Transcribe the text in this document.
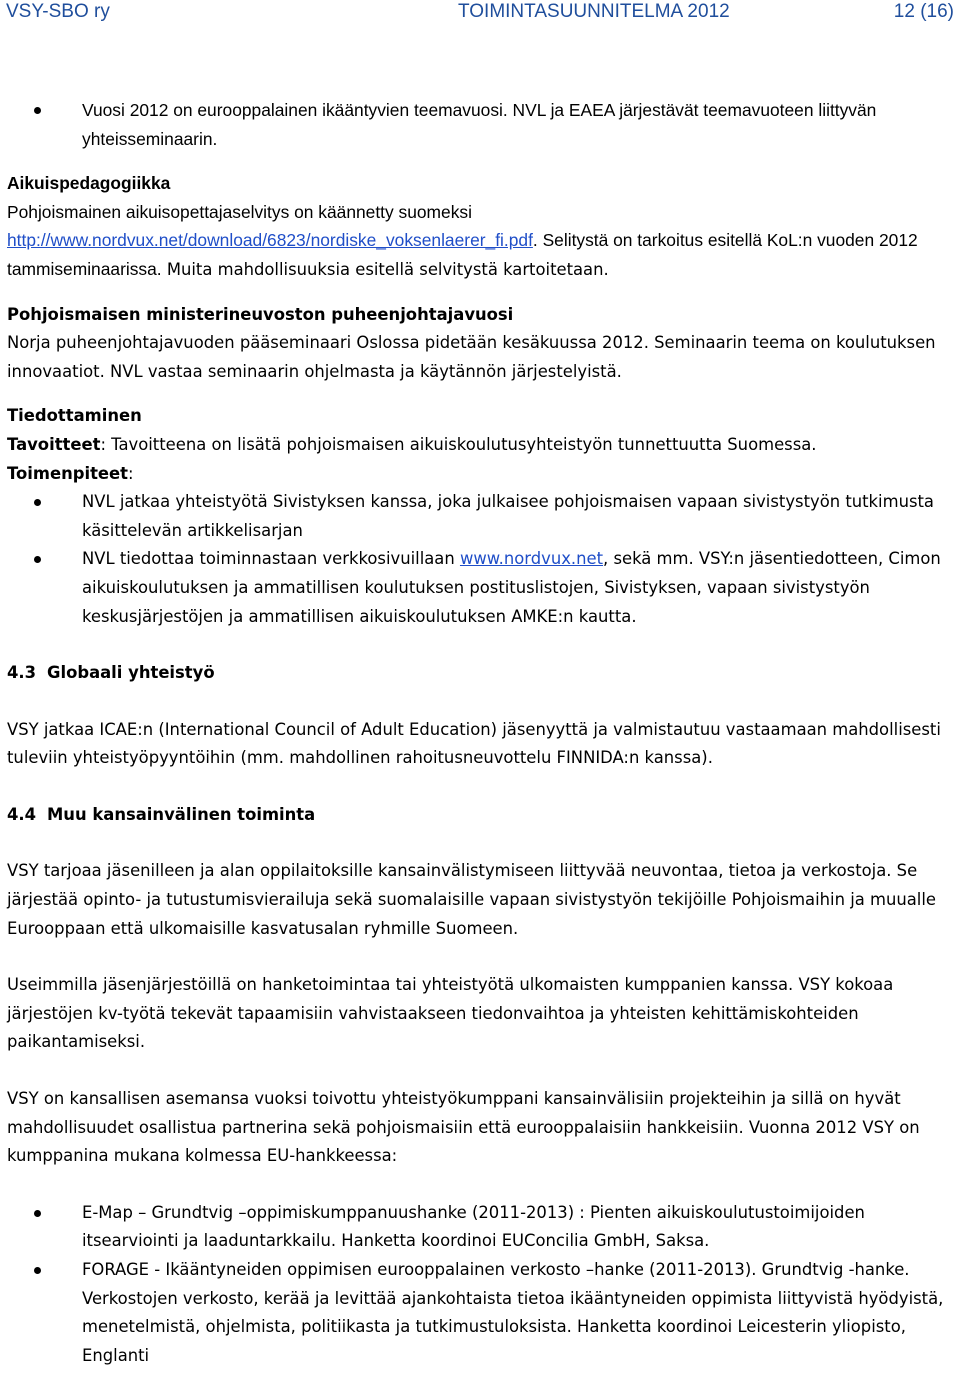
VSY-SBO ry	TOIMINTASUUNNITELMA 2012	12 (16)
Vuosi 2012 on eurooppalainen ikääntyvien teemavuosi. NVL ja EAEA järjestävät teemavuoteen liittyvän yhteisseminaarin.

Aikuispedagogiikka

Pohjoismainen aikuisopettajaselvitys on käännetty suomeksi
http://www.nordvux.net/download/6823/nordiske_voksenlaerer_fi.pdf. Selitystä on tarkoitus esitellä KoL:n vuoden 2012 tammiseminaarissa. Muita mahdollisuuksia esitellä selvitystä kartoitetaan.

Pohjoismaisen ministerineuvoston puheenjohtajavuosi

Norja puheenjohtajavuoden pääseminaari Oslossa pidetään kesäkuussa 2012. Seminaarin teema on koulutuksen innovaatiot. NVL vastaa seminaarin ohjelmasta ja käytännön järjestelyistä.

Tiedottaminen

Tavoitteet: Tavoitteena on lisätä pohjoismaisen aikuiskoulutusyhteistyön tunnettuutta Suomessa.

Toimenpiteet:

NVL jatkaa yhteistyötä Sivistyksen kanssa, joka julkaisee pohjoismaisen vapaan sivistystyön tutkimusta käsittelevän artikkelisarjan
NVL tiedottaa toiminnastaan verkkosivuillaan www.nordvux.net, sekä mm. VSY:n jäsentiedotteen, Cimon aikuiskoulutuksen ja ammatillisen koulutuksen postituslistojen, Sivistyksen, vapaan sivistystyön keskusjärjestöjen ja ammatillisen aikuiskoulutuksen AMKE:n kautta.
4.3 Globaali yhteistyö

VSY jatkaa ICAE:n (International Council of Adult Education) jäsenyyttä ja valmistautuu vastaamaan mahdollisesti tuleviin yhteistyöpyyntöihin (mm. mahdollinen rahoitusneuvottelu FINNIDA:n kanssa).

4.4 Muu kansainvälinen toiminta

VSY tarjoaa jäsenilleen ja alan oppilaitoksille kansainvälistymiseen liittyvää neuvontaa, tietoa ja verkostoja. Se järjestää opinto- ja tutustumisvierailuja sekä suomalaisille vapaan sivistystyön tekijöille Pohjoismaihin ja muualle Eurooppaan että ulkomaisille kasvatusalan ryhmille Suomeen.

Useimmilla jäsenjärjestöillä on hanketoimintaa tai yhteistyötä ulkomaisten kumppanien kanssa. VSY kokoaa järjestöjen kv-työtä tekevät tapaamisiin vahvistaakseen tiedonvaihtoa ja yhteisten kehittämiskohteiden paikantamiseksi.

VSY on kansallisen asemansa vuoksi toivottu yhteistyökumppani kansainvälisiin projekteihin ja sillä on hyvät mahdollisuudet osallistua partnerina sekä pohjoismaisiin että eurooppalaisiin hankkeisiin. Vuonna 2012 VSY on kumppanina mukana kolmessa EU-hankkeessa:

E-Map – Grundtvig –oppimiskumppanuushanke (2011-2013) : Pienten aikuiskoulutustoimijoiden itsearviointi ja laaduntarkkailu. Hanketta koordinoi EUConcilia GmbH, Saksa.
FORAGE - Ikääntyneiden oppimisen eurooppalainen verkosto –hanke (2011-2013). Grundtvig -hanke. Verkostojen verkosto, kerää ja levittää ajankohtaista tietoa ikääntyneiden oppimista liittyvistä hyödyistä, menetelmistä, ohjelmista, politiikasta ja tutkimustuloksista. Hanketta koordinoi Leicesterin yliopisto, Englanti
